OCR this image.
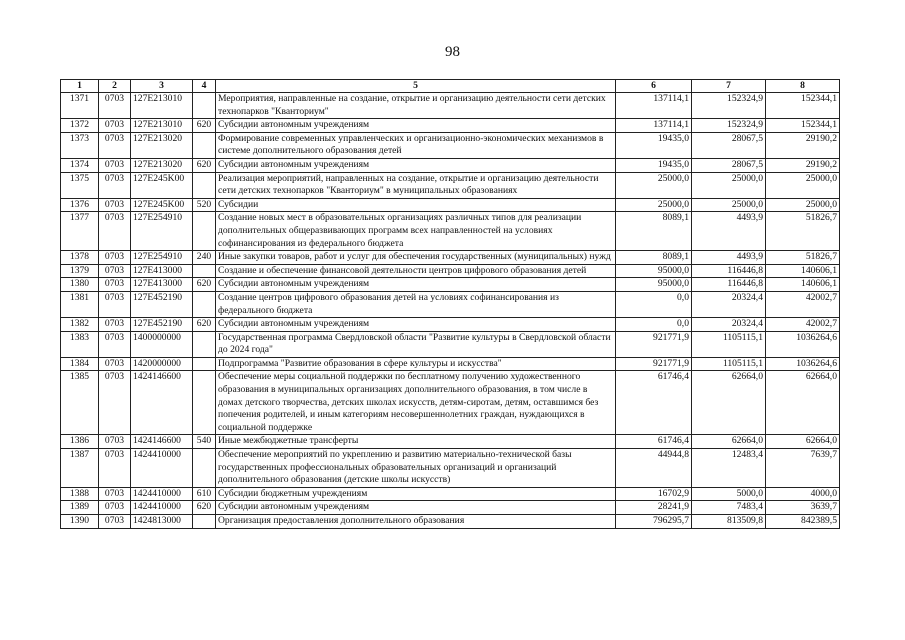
98
1	2	3	4	5	6	7	8
1371	0703	127E213010		Мероприятия, направленные на создание, открытие и организацию деятельности сети детских технопарков "Кванториум"	137114,1	152324,9	152344,1
1372	0703	127E213010	620	Субсидии автономным учреждениям	137114,1	152324,9	152344,1
1373	0703	127E213020		Формирование современных управленческих и организационно-экономических механизмов в системе дополнительного образования детей	19435,0	28067,5	29190,2
1374	0703	127E213020	620	Субсидии автономным учреждениям	19435,0	28067,5	29190,2
1375	0703	127E245K00		Реализация мероприятий, направленных на создание, открытие и организацию деятельности сети детских технопарков "Кванториум" в муниципальных образованиях	25000,0	25000,0	25000,0
1376	0703	127E245K00	520	Субсидии	25000,0	25000,0	25000,0
1377	0703	127E254910		Создание новых мест в образовательных организациях различных типов для реализации дополнительных общеразвивающих программ всех направленностей на условиях софинансирования из федерального бюджета	8089,1	4493,9	51826,7
1378	0703	127E254910	240	Иные закупки товаров, работ и услуг для обеспечения государственных (муниципальных) нужд	8089,1	4493,9	51826,7
1379	0703	127E413000		Создание и обеспечение финансовой деятельности центров цифрового образования детей	95000,0	116446,8	140606,1
1380	0703	127E413000	620	Субсидии автономным учреждениям	95000,0	116446,8	140606,1
1381	0703	127E452190		Создание центров цифрового образования детей на условиях софинансирования из федерального бюджета	0,0	20324,4	42002,7
1382	0703	127E452190	620	Субсидии автономным учреждениям	0,0	20324,4	42002,7
1383	0703	1400000000		Государственная программа Свердловской области "Развитие культуры в Свердловской области до 2024 года"	921771,9	1105115,1	1036264,6
1384	0703	1420000000		Подпрограмма "Развитие образования в сфере культуры и искусства"	921771,9	1105115,1	1036264,6
1385	0703	1424146600		Обеспечение меры социальной поддержки по бесплатному получению художественного образования в муниципальных организациях дополнительного образования, в том числе в домах детского творчества, детских школах искусств, детям-сиротам, детям, оставшимся без попечения родителей, и иным категориям несовершеннолетних граждан, нуждающихся в социальной поддержке	61746,4	62664,0	62664,0
1386	0703	1424146600	540	Иные межбюджетные трансферты	61746,4	62664,0	62664,0
1387	0703	1424410000		Обеспечение мероприятий по укреплению и развитию материально-технической базы государственных профессиональных образовательных организаций и организаций дополнительного образования (детские школы искусств)	44944,8	12483,4	7639,7
1388	0703	1424410000	610	Субсидии бюджетным учреждениям	16702,9	5000,0	4000,0
1389	0703	1424410000	620	Субсидии автономным учреждениям	28241,9	7483,4	3639,7
1390	0703	1424813000		Организация предоставления дополнительного образования	796295,7	813509,8	842389,5
